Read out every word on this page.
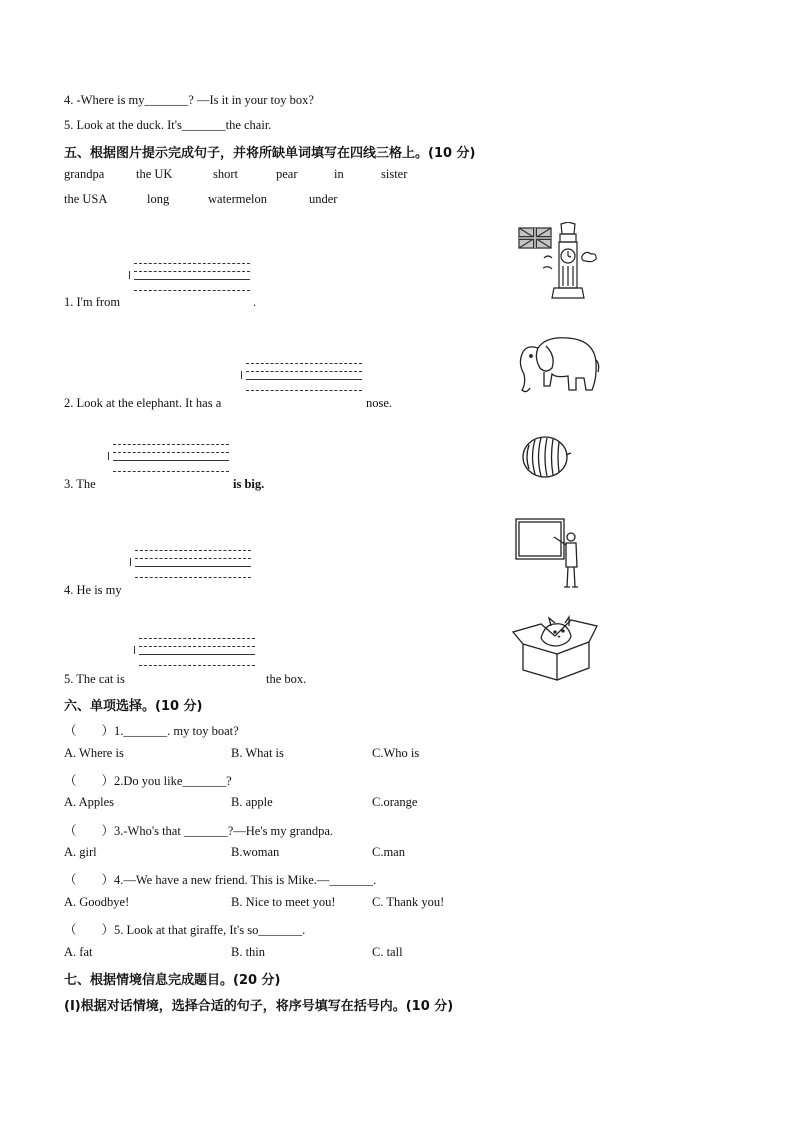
4. -Where is my_______? —Is it in your toy box?
5. Look at the duck. It's_______the chair.
五、根据图片提示完成句子，并将所缺单词填写在四线三格上。(10 分)
grandpa	the UK	short	pear	in	sister
the USA	long	watermelon	under
1. I'm from	.
2. Look at the elephant. It has a	nose.
3. The	is big.
4. He is my
5. The cat is	the box.
六、单项选择。(10 分)
（　　）1._______. my toy boat?
A. Where is	B. What is	C.Who is
（　　）2.Do you like_______?
A. Apples	B. apple	C.orange
（　　）3.-Who's that _______?—He's my grandpa.
A. girl	B.woman	C.man
（　　）4.—We have a new friend. This is Mike.—_______.
A. Goodbye!	B. Nice to meet you!	C. Thank you!
（　　）5. Look at that giraffe, It's so_______.
A. fat	B. thin	C. tall
七、根据情境信息完成题目。(20 分)
(I)根据对话情境，选择合适的句子，将序号填写在括号内。(10 分)
